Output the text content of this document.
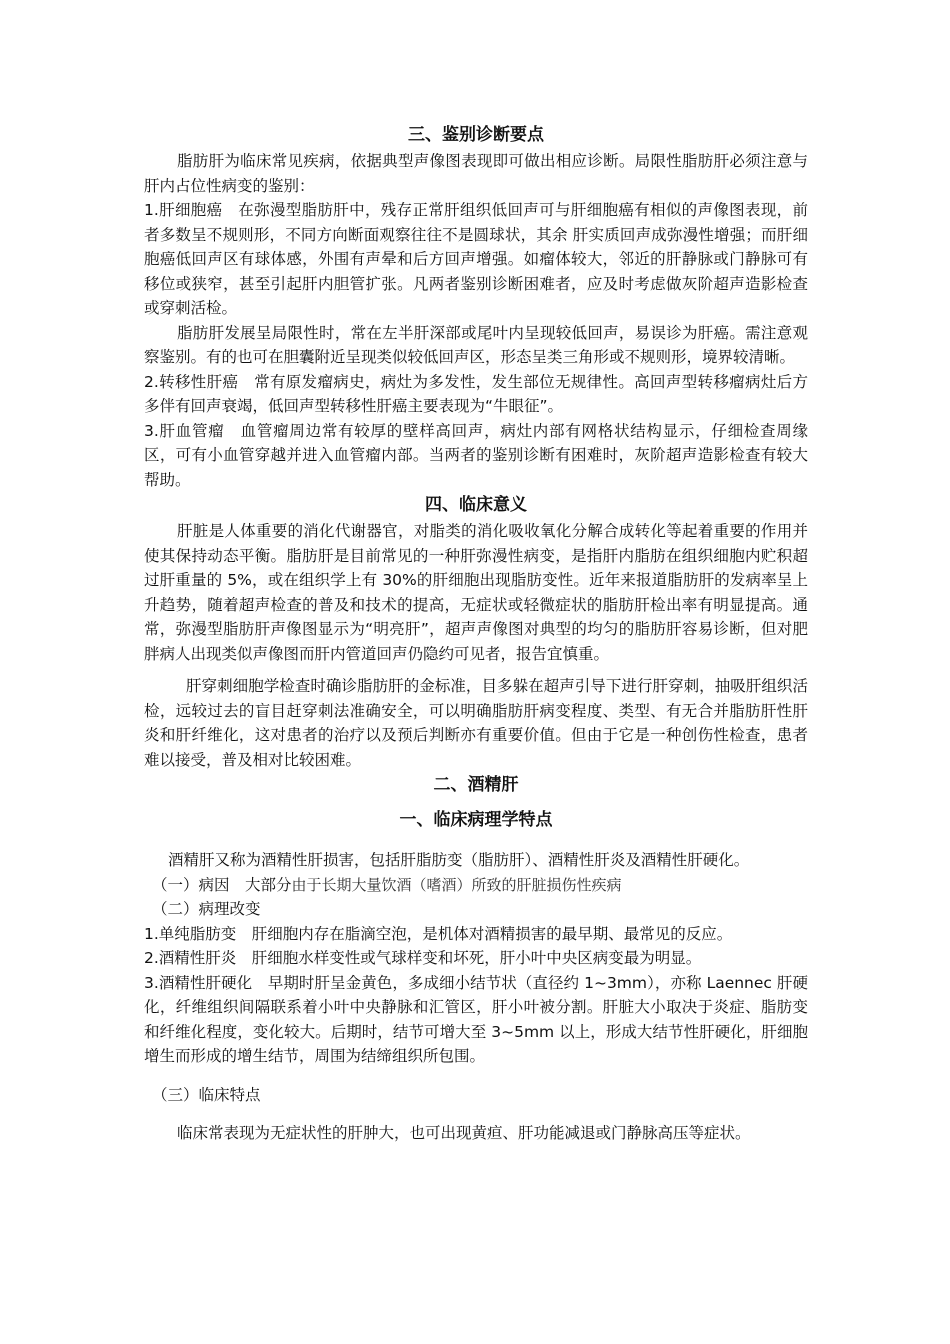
三、鉴别诊断要点

脂肪肝为临床常见疾病，依据典型声像图表现即可做出相应诊断。局限性脂肪肝必须注意与肝内占位性病变的鉴别：

1.肝细胞癌　在弥漫型脂肪肝中，残存正常肝组织低回声可与肝细胞癌有相似的声像图表现，前者多数呈不规则形，不同方向断面观察往往不是圆球状，其余 肝实质回声成弥漫性增强；而肝细胞癌低回声区有球体感，外围有声晕和后方回声增强。如瘤体较大，邻近的肝静脉或门静脉可有移位或狭窄，甚至引起肝内胆管扩张。凡两者鉴别诊断困难者，应及时考虑做灰阶超声造影检查或穿刺活检。

脂肪肝发展呈局限性时，常在左半肝深部或尾叶内呈现较低回声，易误诊为肝癌。需注意观察鉴别。有的也可在胆囊附近呈现类似较低回声区，形态呈类三角形或不规则形，境界较清晰。

2.转移性肝癌　常有原发瘤病史，病灶为多发性，发生部位无规律性。高回声型转移瘤病灶后方多伴有回声衰竭，低回声型转移性肝癌主要表现为“牛眼征”。

3.肝血管瘤　血管瘤周边常有较厚的壁样高回声，病灶内部有网格状结构显示，仔细检查周缘区，可有小血管穿越并进入血管瘤内部。当两者的鉴别诊断有困难时，灰阶超声造影检查有较大帮助。

四、临床意义

肝脏是人体重要的消化代谢器官，对脂类的消化吸收氧化分解合成转化等起着重要的作用并使其保持动态平衡。脂肪肝是目前常见的一种肝弥漫性病变，是指肝内脂肪在组织细胞内贮积超过肝重量的 5%，或在组织学上有 30%的肝细胞出现脂肪变性。近年来报道脂肪肝的发病率呈上升趋势，随着超声检查的普及和技术的提高，无症状或轻微症状的脂肪肝检出率有明显提高。通常，弥漫型脂肪肝声像图显示为“明亮肝”，超声声像图对典型的均匀的脂肪肝容易诊断，但对肥胖病人出现类似声像图而肝内管道回声仍隐约可见者，报告宜慎重。

肝穿刺细胞学检查时确诊脂肪肝的金标准，目多躲在超声引导下进行肝穿刺，抽吸肝组织活检，远较过去的盲目赶穿刺法准确安全，可以明确脂肪肝病变程度、类型、有无合并脂肪肝性肝炎和肝纤维化，这对患者的治疗以及预后判断亦有重要价值。但由于它是一种创伤性检查，患者难以接受，普及相对比较困难。

二、酒精肝
一、临床病理学特点

酒精肝又称为酒精性肝损害，包括肝脂肪变（脂肪肝）、酒精性肝炎及酒精性肝硬化。

（一）病因　大部分由于长期大量饮酒（嗜酒）所致的肝脏损伤性疾病

（二）病理改变

1.单纯脂肪变　肝细胞内存在脂滴空泡，是机体对酒精损害的最早期、最常见的反应。

2.酒精性肝炎　肝细胞水样变性或气球样变和坏死，肝小叶中央区病变最为明显。

3.酒精性肝硬化　早期时肝呈金黄色，多成细小结节状（直径约 1~3mm），亦称 Laennec 肝硬化，纤维组织间隔联系着小叶中央静脉和汇管区，肝小叶被分割。肝脏大小取决于炎症、脂肪变和纤维化程度，变化较大。后期时，结节可增大至 3~5mm 以上，形成大结节性肝硬化，肝细胞增生而形成的增生结节，周围为结缔组织所包围。

（三）临床特点

临床常表现为无症状性的肝肿大，也可出现黄疸、肝功能减退或门静脉高压等症状。
